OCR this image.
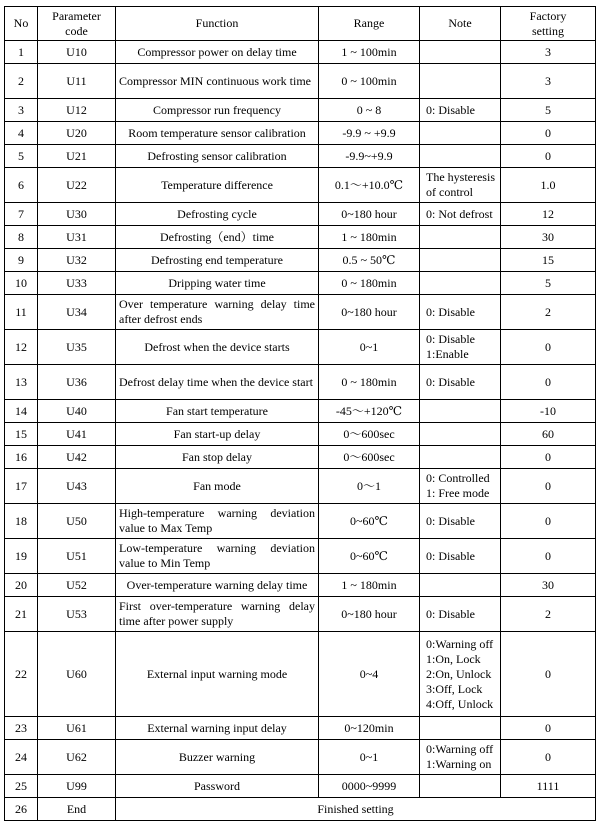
No	Parameter
code	Function	Range	Note	Factory
setting
1	U10	Compressor power on delay time	1 ~ 100min		3
2	U11	Compressor MIN continuous work time	0 ~ 100min		3
3	U12	Compressor run frequency	0 ~ 8	0: Disable	5
4	U20	Room temperature sensor calibration	-9.9 ~ +9.9		0
5	U21	Defrosting sensor calibration	-9.9~+9.9		0
6	U22	Temperature difference	0.1～+10.0℃	The hysteresis
of control	1.0
7	U30	Defrosting cycle	0~180 hour	0: Not defrost	12
8	U31	Defrosting（end）time	1 ~ 180min		30
9	U32	Defrosting end temperature	0.5 ~ 50℃		15
10	U33	Dripping water time	0 ~ 180min		5
11	U34	Over temperature warning delay time after defrost ends	0~180 hour	0: Disable	2
12	U35	Defrost when the device starts	0~1	0: Disable
1:Enable	0
13	U36	Defrost delay time when the device start	0 ~ 180min	0: Disable	0
14	U40	Fan start temperature	-45～+120℃		-10
15	U41	Fan start-up delay	0～600sec		60
16	U42	Fan stop delay	0～600sec		0
17	U43	Fan mode	0～1	0: Controlled
1: Free mode	0
18	U50	High-temperature warning deviation value to Max Temp	0~60℃	0: Disable	0
19	U51	Low-temperature warning deviation value to Min Temp	0~60℃	0: Disable	0
20	U52	Over-temperature warning delay time	1 ~ 180min		30
21	U53	First over-temperature warning delay time after power supply	0~180 hour	0: Disable	2
22	U60	External input warning mode	0~4	0:Warning off
1:On, Lock
2:On, Unlock
3:Off, Lock
4:Off, Unlock	0
23	U61	External warning input delay	0~120min		0
24	U62	Buzzer warning	0~1	0:Warning off
1:Warning on	0
25	U99	Password	0000~9999		1111
26	End	Finished setting			
